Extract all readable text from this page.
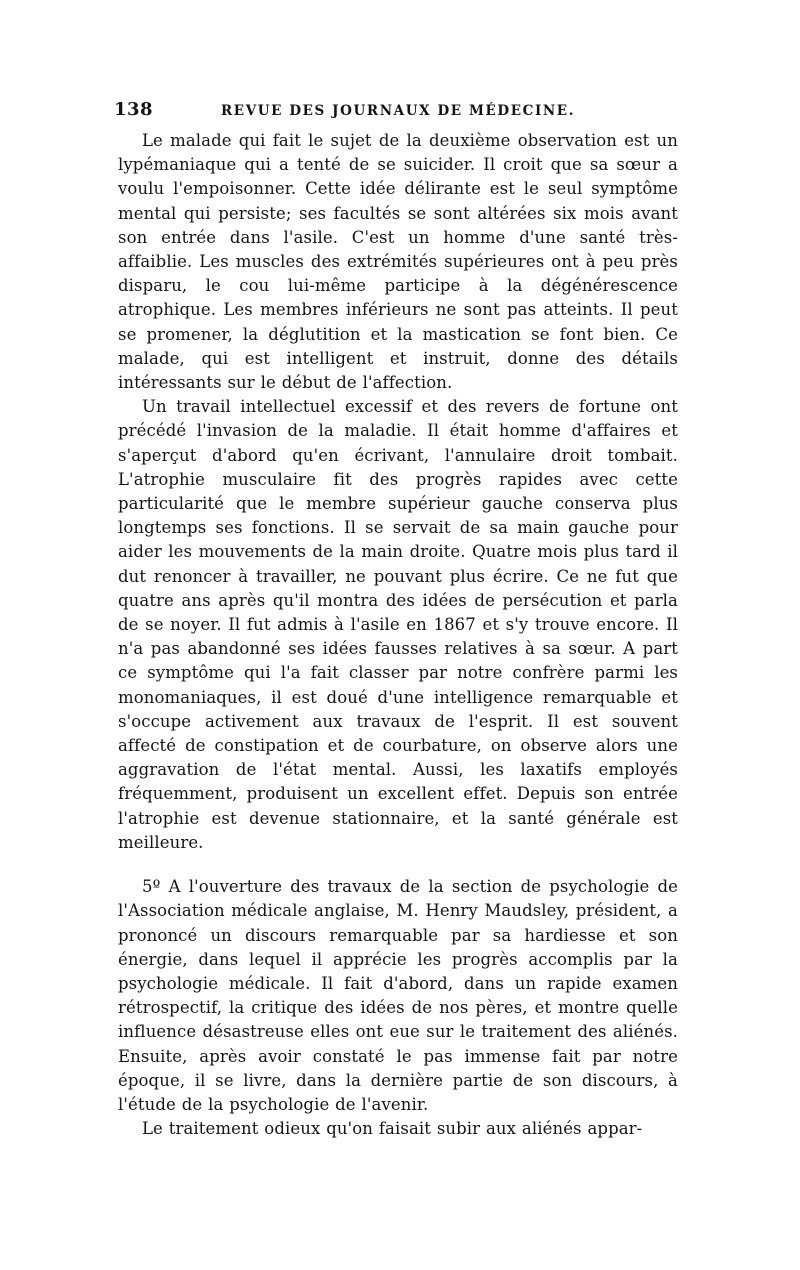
138	REVUE DES JOURNAUX DE MÉDECINE.

Le malade qui fait le sujet de la deuxième observation est un lypémaniaque qui a tenté de se suicider. Il croit que sa sœur a voulu l'empoisonner. Cette idée délirante est le seul symptôme mental qui persiste; ses facultés se sont altérées six mois avant son entrée dans l'asile. C'est un homme d'une santé très-affaiblie. Les muscles des extrémités supérieures ont à peu près disparu, le cou lui-même participe à la dégénérescence atrophique. Les membres inférieurs ne sont pas atteints. Il peut se promener, la déglutition et la mastication se font bien. Ce malade, qui est intelligent et instruit, donne des détails intéressants sur le début de l'affection.

Un travail intellectuel excessif et des revers de fortune ont précédé l'invasion de la maladie. Il était homme d'affaires et s'aperçut d'abord qu'en écrivant, l'annulaire droit tombait. L'atrophie musculaire fit des progrès rapides avec cette particularité que le membre supérieur gauche conserva plus longtemps ses fonctions. Il se servait de sa main gauche pour aider les mouvements de la main droite. Quatre mois plus tard il dut renoncer à travailler, ne pouvant plus écrire. Ce ne fut que quatre ans après qu'il montra des idées de persécution et parla de se noyer. Il fut admis à l'asile en 1867 et s'y trouve encore. Il n'a pas abandonné ses idées fausses relatives à sa sœur. A part ce symptôme qui l'a fait classer par notre confrère parmi les monomaniaques, il est doué d'une intelligence remarquable et s'occupe activement aux travaux de l'esprit. Il est souvent affecté de constipation et de courbature, on observe alors une aggravation de l'état mental. Aussi, les laxatifs employés fréquemment, produisent un excellent effet. Depuis son entrée l'atrophie est devenue stationnaire, et la santé générale est meilleure.

5º A l'ouverture des travaux de la section de psychologie de l'Association médicale anglaise, M. Henry Maudsley, président, a prononcé un discours remarquable par sa hardiesse et son énergie, dans lequel il apprécie les progrès accomplis par la psychologie médicale. Il fait d'abord, dans un rapide examen rétrospectif, la critique des idées de nos pères, et montre quelle influence désastreuse elles ont eue sur le traitement des aliénés. Ensuite, après avoir constaté le pas immense fait par notre époque, il se livre, dans la dernière partie de son discours, à l'étude de la psychologie de l'avenir.

Le traitement odieux qu'on faisait subir aux aliénés appar-
